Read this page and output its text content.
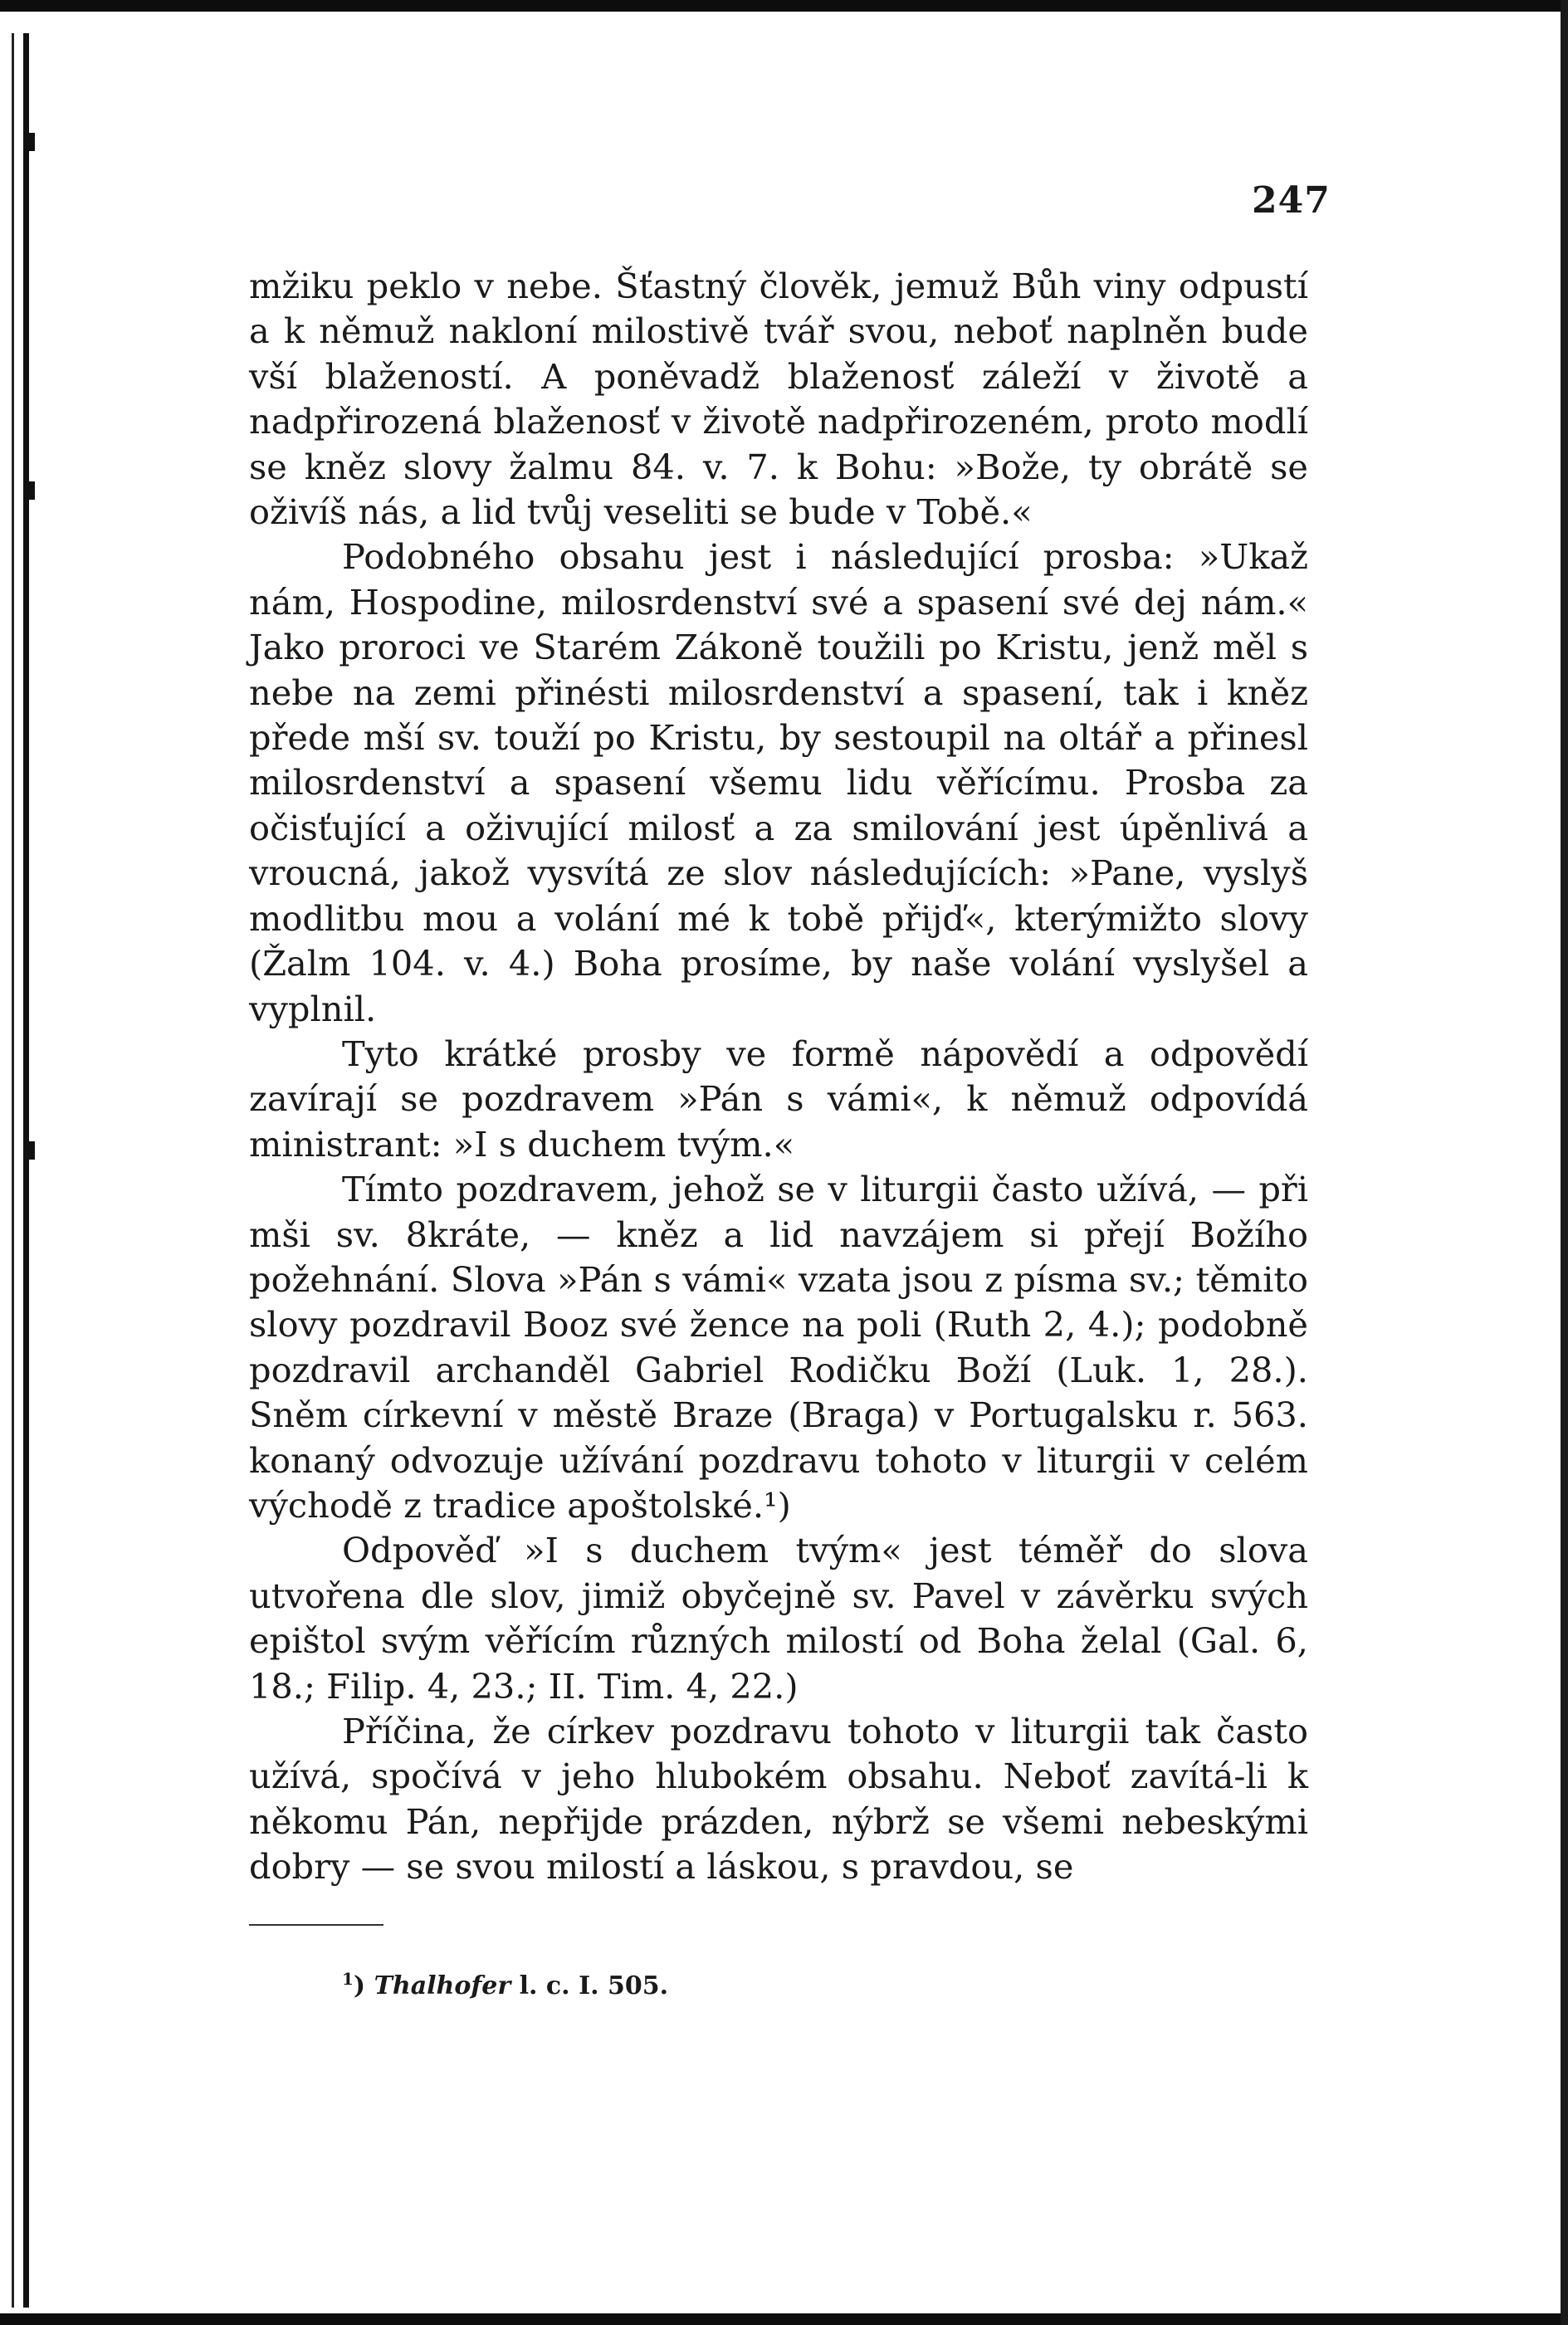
247

mžiku peklo v nebe. Šťastný člověk, jemuž Bůh viny odpustí a k němuž nakloní milostivě tvář svou, neboť naplněn bude vší blažeností. A poněvadž blaženosť záleží v životě a nadpřirozená blaženosť v životě nadpřirozeném, proto modlí se kněz slovy žalmu 84. v. 7. k Bohu: »Bože, ty obrátě se oživíš nás, a lid tvůj veseliti se bude v Tobě.«

Podobného obsahu jest i následující prosba: »Ukaž nám, Hospodine, milosrdenství své a spasení své dej nám.« Jako proroci ve Starém Zákoně toužili po Kristu, jenž měl s nebe na zemi přinésti milosrdenství a spasení, tak i kněz přede mší sv. touží po Kristu, by sestoupil na oltář a přinesl milosrdenství a spasení všemu lidu věřícímu. Prosba za očisťující a oživující milosť a za smilování jest úpěnlivá a vroucná, jakož vysvítá ze slov následujících: »Pane, vyslyš modlitbu mou a volání mé k tobě přijď«, kterýmižto slovy (Žalm 104. v. 4.) Boha prosíme, by naše volání vyslyšel a vyplnil.

Tyto krátké prosby ve formě nápovědí a odpovědí zavírají se pozdravem »Pán s vámi«, k němuž odpovídá ministrant: »I s duchem tvým.«

Tímto pozdravem, jehož se v liturgii často užívá, — při mši sv. 8kráte, — kněz a lid navzájem si přejí Božího požehnání. Slova »Pán s vámi« vzata jsou z písma sv.; těmito slovy pozdravil Booz své žence na poli (Ruth 2, 4.); podobně pozdravil archanděl Gabriel Rodičku Boží (Luk. 1, 28.). Sněm církevní v městě Braze (Braga) v Portugalsku r. 563. konaný odvozuje užívání pozdravu tohoto v liturgii v celém východě z tradice apoštolské.¹)

Odpověď »I s duchem tvým« jest téměř do slova utvořena dle slov, jimiž obyčejně sv. Pavel v závěrku svých epištol svým věřícím různých milostí od Boha želal (Gal. 6, 18.; Filip. 4, 23.; II. Tim. 4, 22.)

Příčina, že církev pozdravu tohoto v liturgii tak často užívá, spočívá v jeho hlubokém obsahu. Neboť zavítá-li k někomu Pán, nepřijde prázden, nýbrž se všemi nebeskými dobry — se svou milostí a láskou, s pravdou, se

$^1$) Thalhofer l. c. I. 505.
